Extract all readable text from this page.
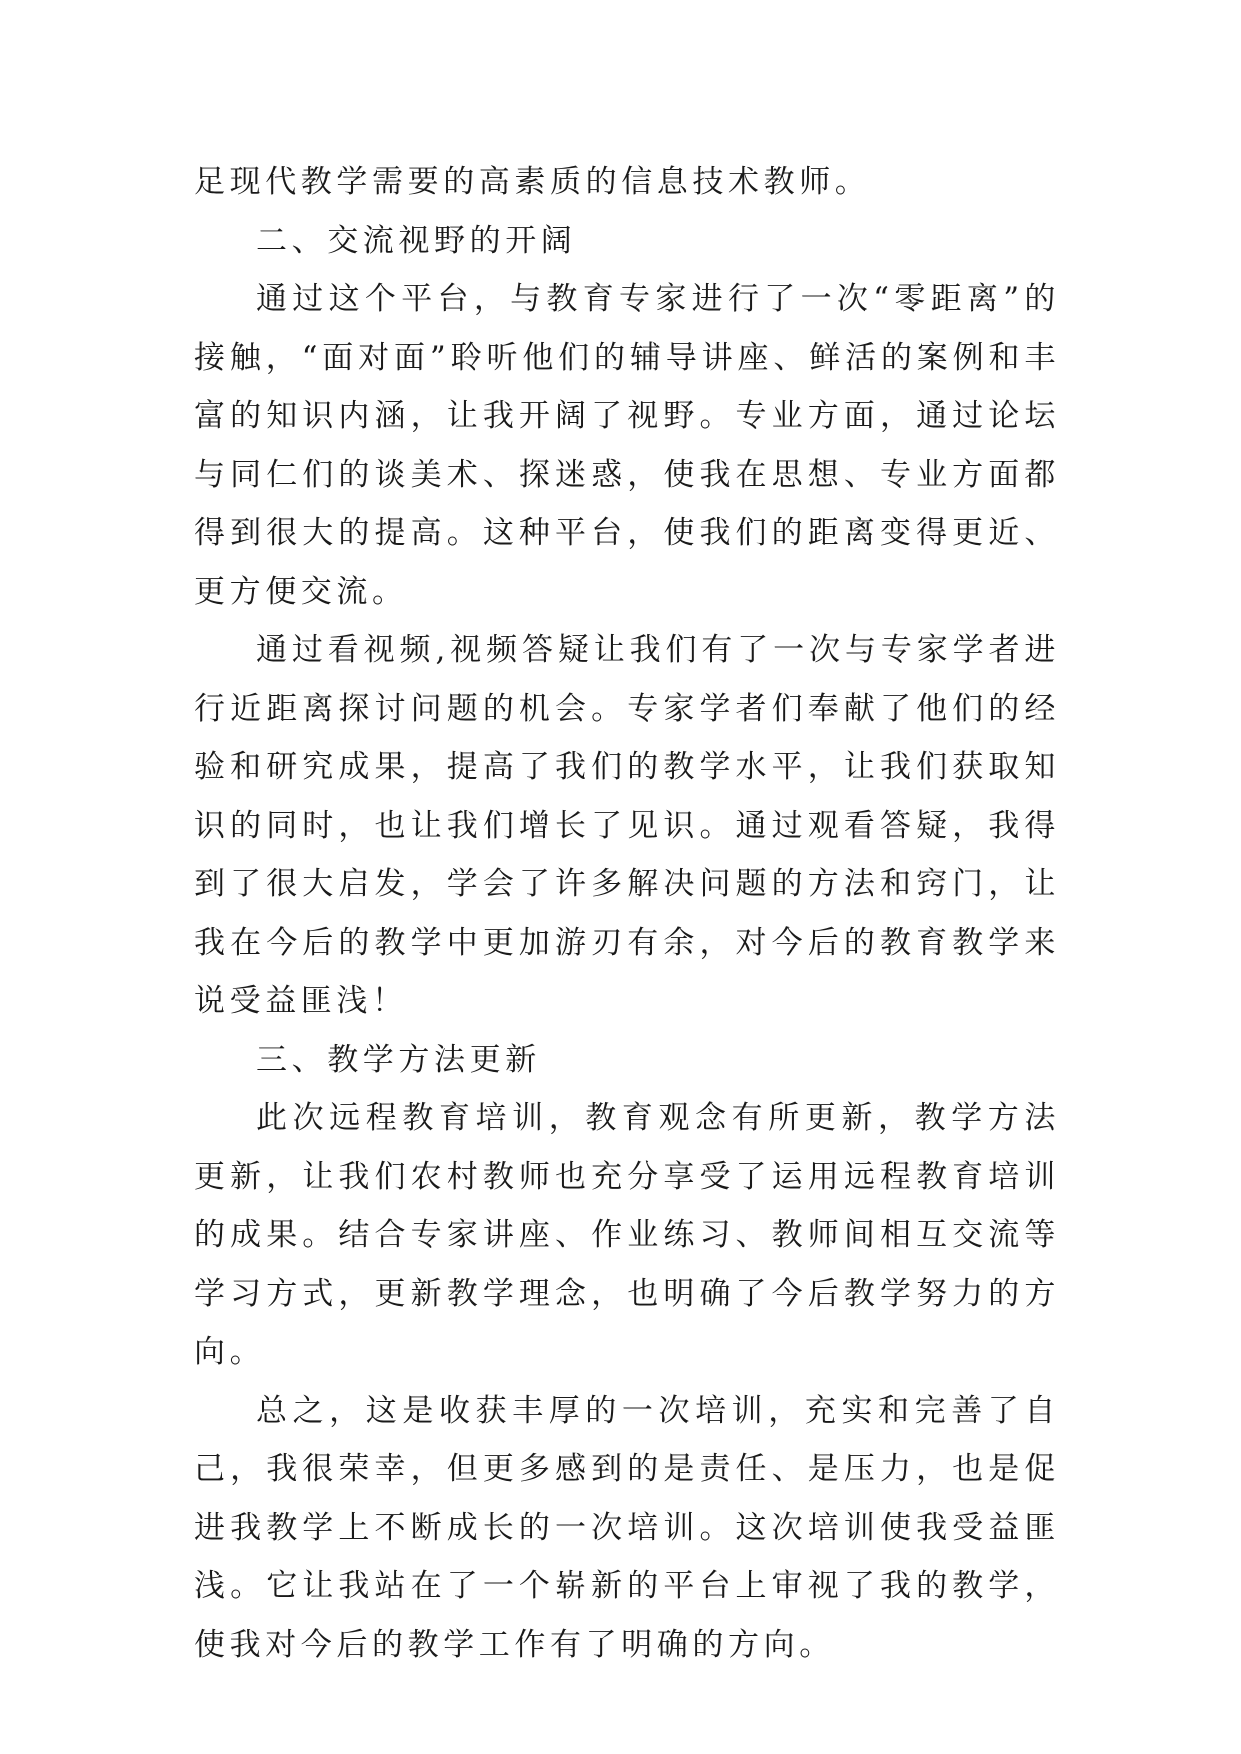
足现代教学需要的高素质的信息技术教师。

二、交流视野的开阔

通过这个平台，与教育专家进行了一次“零距离”的接触，“面对面”聆听他们的辅导讲座、鲜活的案例和丰富的知识内涵，让我开阔了视野。专业方面，通过论坛与同仁们的谈美术、探迷惑，使我在思想、专业方面都得到很大的提高。这种平台，使我们的距离变得更近、更方便交流。

通过看视频,视频答疑让我们有了一次与专家学者进行近距离探讨问题的机会。专家学者们奉献了他们的经验和研究成果，提高了我们的教学水平，让我们获取知识的同时，也让我们增长了见识。通过观看答疑，我得到了很大启发，学会了许多解决问题的方法和窍门，让我在今后的教学中更加游刃有余，对今后的教育教学来说受益匪浅！

三、教学方法更新

此次远程教育培训，教育观念有所更新，教学方法更新，让我们农村教师也充分享受了运用远程教育培训的成果。结合专家讲座、作业练习、教师间相互交流等学习方式，更新教学理念，也明确了今后教学努力的方向。

总之，这是收获丰厚的一次培训，充实和完善了自己，我很荣幸，但更多感到的是责任、是压力，也是促进我教学上不断成长的一次培训。这次培训使我受益匪浅。它让我站在了一个崭新的平台上审视了我的教学，使我对今后的教学工作有了明确的方向。
